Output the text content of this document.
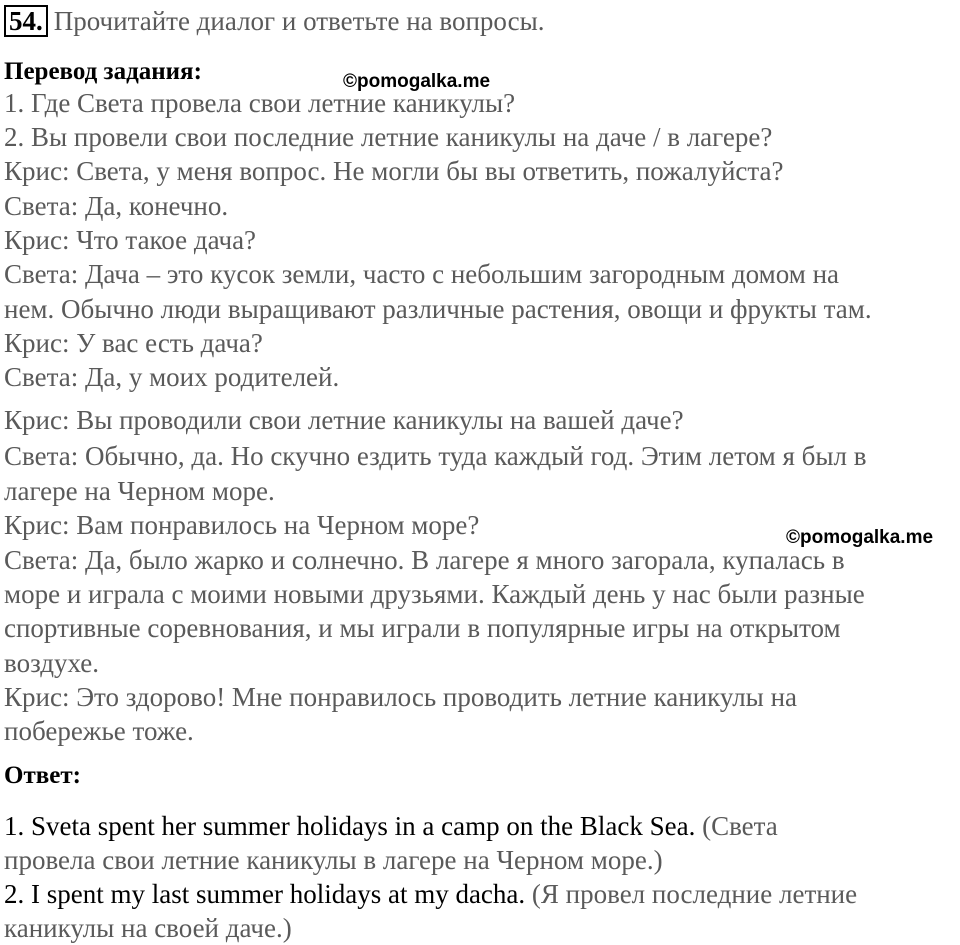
54. Прочитайте диалог и ответьте на вопросы.
Перевод задания:	©pomogalka.me
1. Где Света провела свои летние каникулы?
2. Вы провели свои последние летние каникулы на даче / в лагере?
Крис: Света, у меня вопрос. Не могли бы вы ответить, пожалуйста?
Света: Да, конечно.
Крис: Что такое дача?
Света: Дача – это кусок земли, часто с небольшим загородным домом на
нем. Обычно люди выращивают различные растения, овощи и фрукты там.
Крис: У вас есть дача?
Света: Да, у моих родителей.
Крис: Вы проводили свои летние каникулы на вашей даче?
Света: Обычно, да. Но скучно ездить туда каждый год. Этим летом я был в
лагере на Черном море.
Крис: Вам понравилось на Черном море?	©pomogalka.me
Света: Да, было жарко и солнечно. В лагере я много загорала, купалась в
море и играла с моими новыми друзьями. Каждый день у нас были разные
спортивные соревнования, и мы играли в популярные игры на открытом
воздухе.
Крис: Это здорово! Мне понравилось проводить летние каникулы на
побережье тоже.
Ответ:
1. Sveta spent her summer holidays in a camp on the Black Sea. (Света
провела свои летние каникулы в лагере на Черном море.)
2. I spent my last summer holidays at my dacha. (Я провел последние летние
каникулы на своей даче.)
